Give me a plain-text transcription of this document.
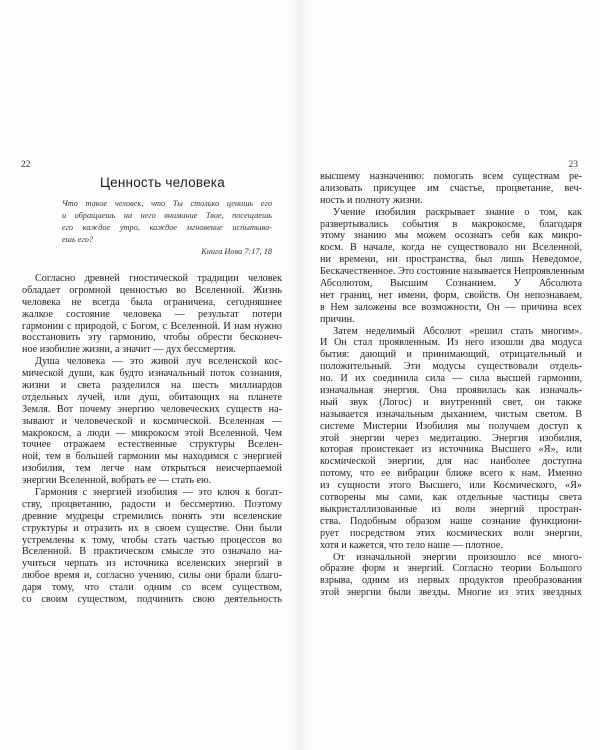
22
Ценность человека
Что такое человек, что Ты столько ценишь его
и обращаешь на него внимание Твое, посещаешь
его каждое утро, каждое мгновение испытыва-
ешь его?
Книга Иова 7:17, 18
Согласно древней гностической традиции человек
обладает огромной ценностью во Вселенной. Жизнь
человека не всегда была ограничена, сегодняшнее
жалкое состояние человека — результат потери
гармонии с природой, с Богом, с Вселенной. И нам нужно
восстановить эту гармонию, чтобы обрести бесконеч-
ное изобилие жизни, а значит — дух бессмертия.
Душа человека — это живой луч вселенской кос-
мической души, как будто изначальный поток сознания,
жизни и света разделился на шесть миллиардов
отдельных лучей, или душ, обитающих на планете
Земля. Вот почему энергию человеческих существ на-
зывают и человеческой и космической. Вселенная —
макрокосм, а люди — микрокосм этой Вселенной. Чем
точнее отражаем естественные структуры Вселен-
ной, тем в большей гармонии мы находимся с энергией
изобилия, тем легче нам открыться неисчерпаемой
энергии Вселенной, вобрать ее — стать ею.
Гармония с энергией изобилия — это ключ к богат-
ству, процветанию, радости и бессмертию. Поэтому
древние мудрецы стремились понять эти вселенские
структуры и отразить их в своем существе. Они были
устремлены к тому, чтобы стать частью процессов во
Вселенной. В практическом смысле это означало на-
учиться черпать из источника вселенских энергий в
любое время и, согласно учению, силы они брали благо-
даря тому, что стали одним со всем существом,
со своим существом, подчинить свою деятельность
23
высшему назначению: помогать всем существам ре-
ализовать присущее им счастье, процветание, веч-
ность и полноту жизни.
Учение изобилия раскрывает знание о том, как
развертывались события в макрокосме, благодаря
этому знанию мы можем осознать себя как микро-
косм. В начале, когда не существовало ни Вселенной,
ни времени, ни пространства, был лишь Неведомое,
Бескачественное. Это состояние называется Непроявленным
Абсолютом, Высшим Сознанием. У Абсолюта
нет границ, нет имени, форм, свойств. Он непознаваем,
в Нем заложены все возможности, Он — причина всех
причин.
Затем неделимый Абсолют «решил стать многим».
И Он стал проявленным. Из него изошли два модуса
бытия: дающий и принимающий, отрицательный и
положительный. Эти модусы существовали отдель-
но. И их соединила сила — сила высшей гармонии,
изначальная энергия. Она проявилась как изначаль-
ный звук (Логос) и внутренний свет, он также
называется изначальным дыханием, чистым светом. В
системе Мистерии Изобилия мы получаем доступ к
этой энергии через медитацию. Энергия изобилия,
которая проистекает из источника Высшего «Я», или
космической энергии, для нас наиболее доступна
потому, что ее вибрации ближе всего к нам. Именно
из сущности этого Высшего, или Космического, «Я»
сотворены мы сами, как отдельные частицы света
выкристаллизованные из волн энергий простран-
ства. Подобным образом наше сознание функциони-
рует посредством этих космических волн энергии,
хотя и кажется, что тело наше — плотное.
От изначальной энергии произошло все много-
образие форм и энергий. Согласно теории Большого
взрыва, одним из первых продуктов преобразования
этой энергии были звезды. Многие из этих звездных
